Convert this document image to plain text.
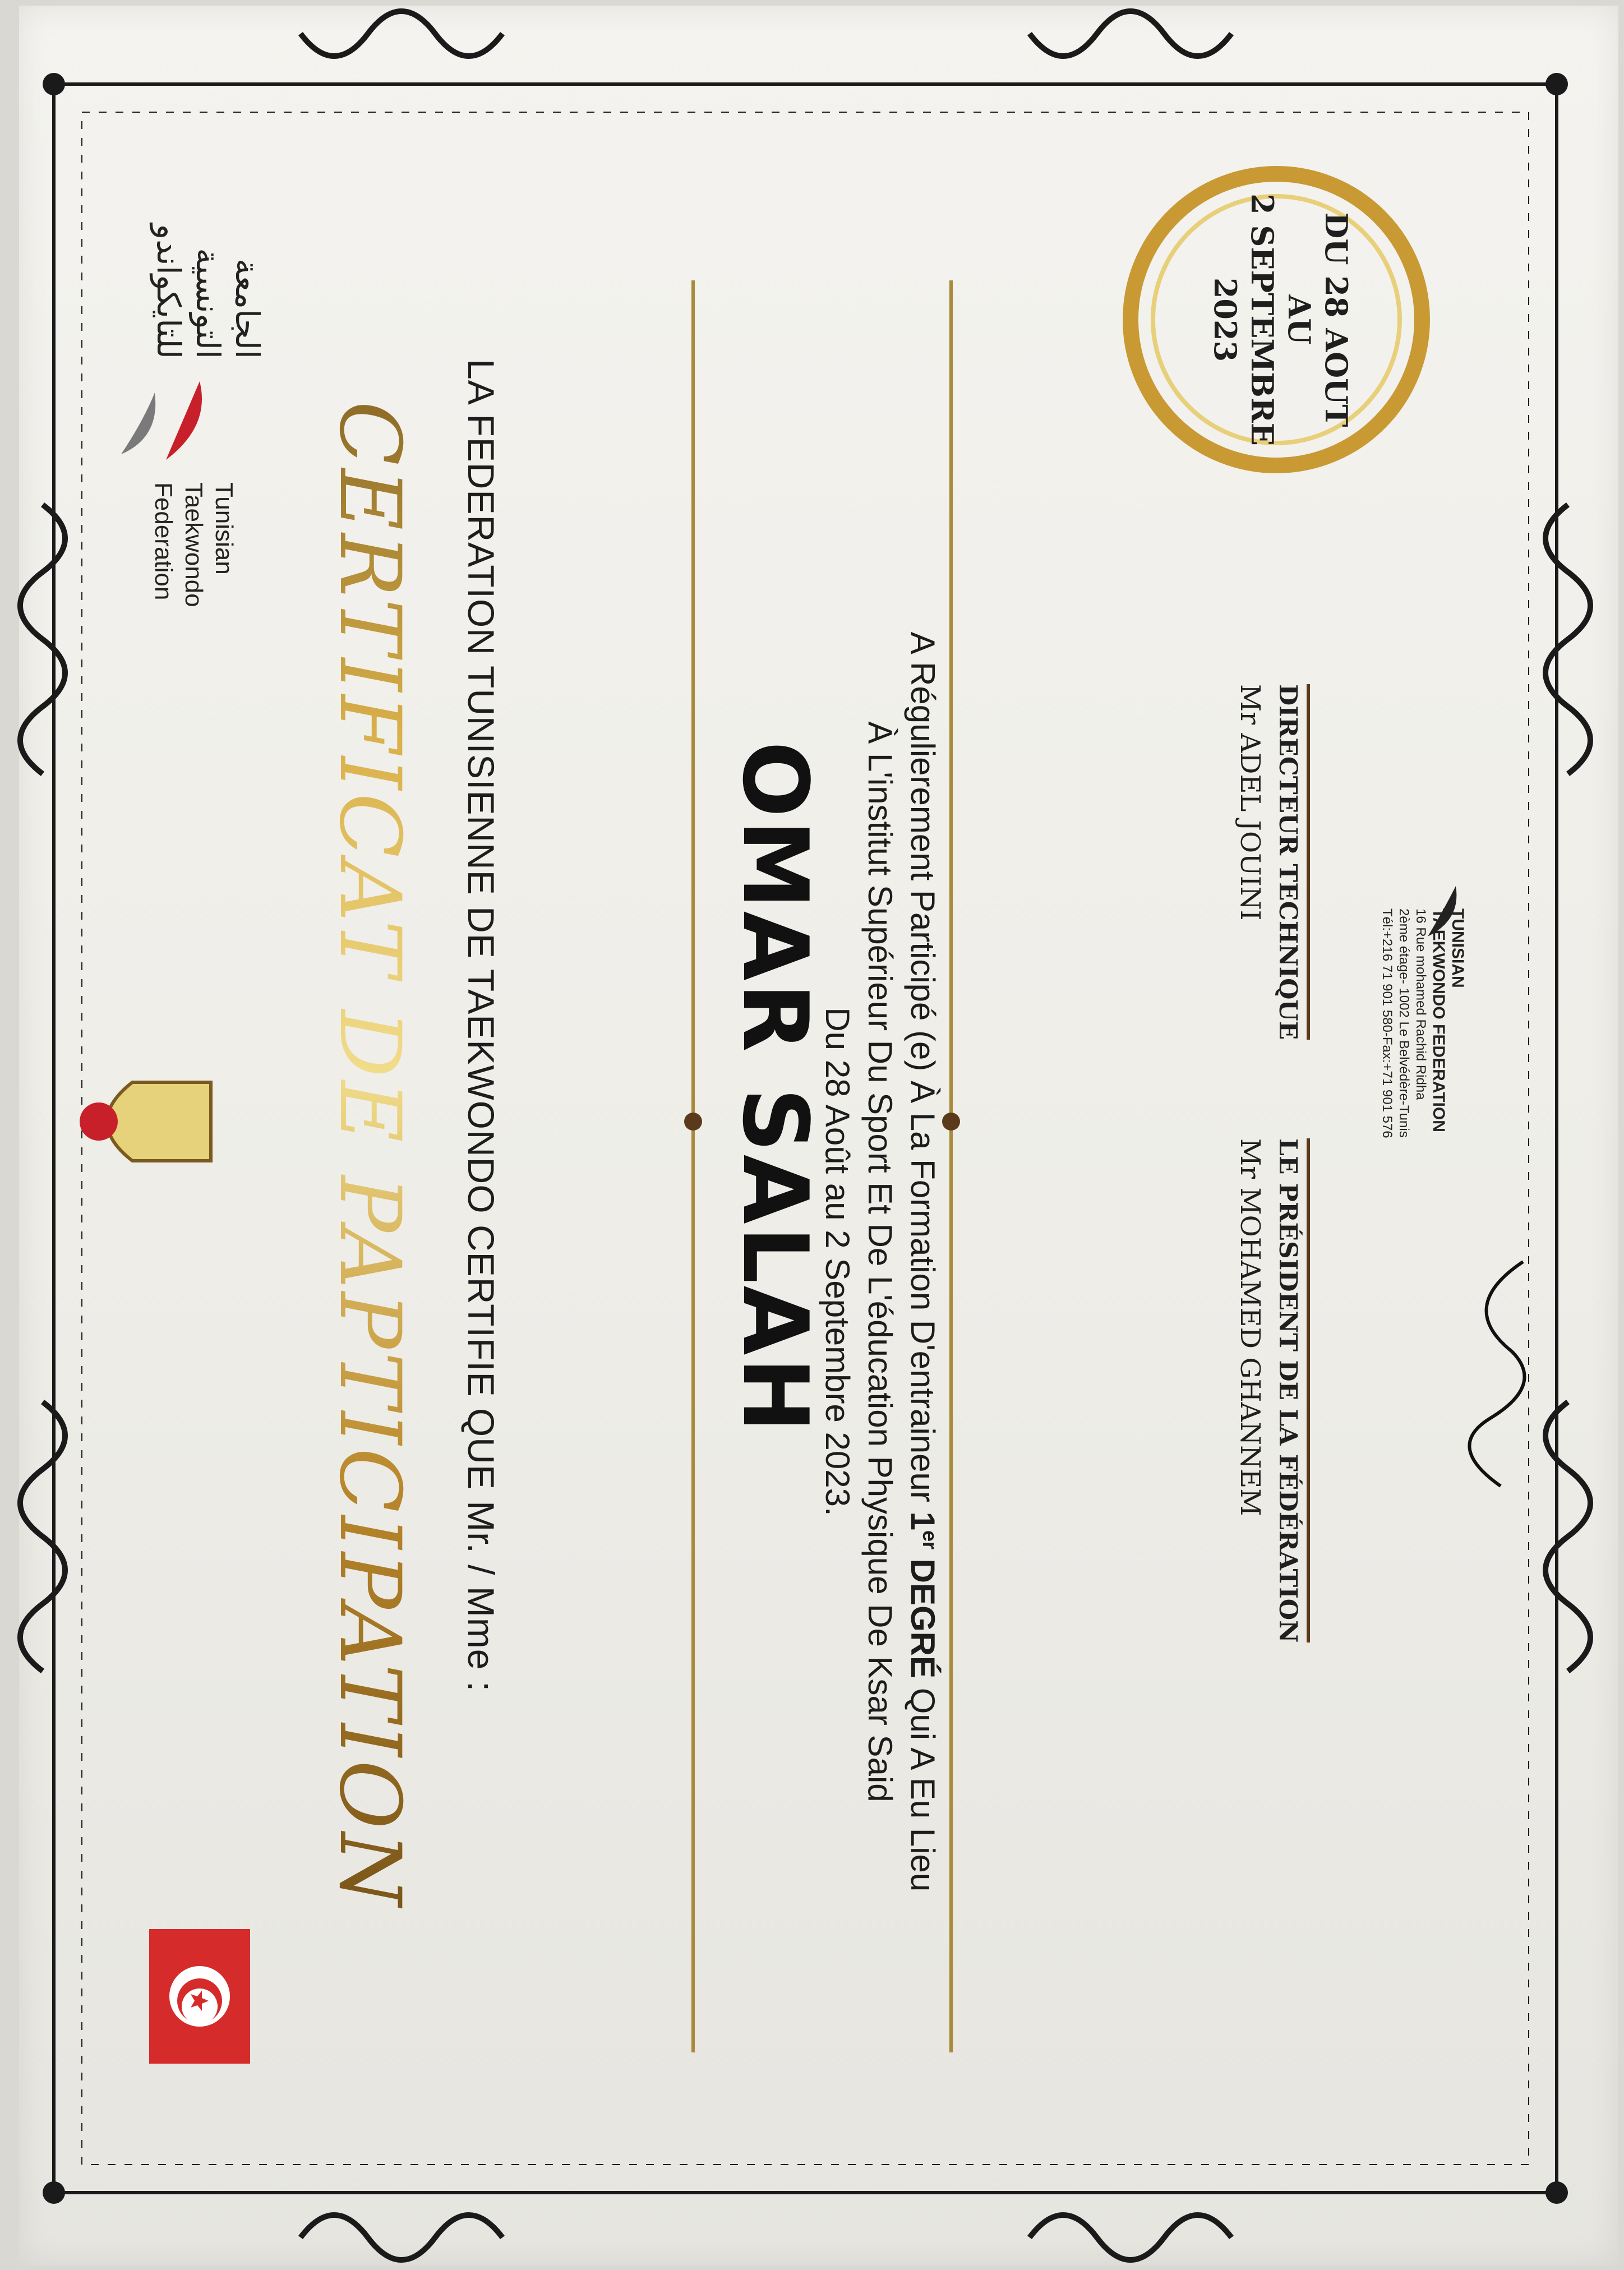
الجامعة
التونسية
للتايكواندو
Tunisian
Taekwondo
Federation CERTIFICAT DE PAPTICIPATION LA FEDERATION TUNISIENNE DE TAEKWONDO CERTIFIE QUE Mr. / Mme : OMAR SALAH A Régulierement Participé (e) À La Formation D'entraineur 1er DEGRÉ Qui A Eu Lieu
À L'institut Supérieur Du Sport Et De L'éducation Physique De Ksar Said
Du 28 Août au 2 Septembre 2023.
DU 28 AOUT
AU
2 SEPTEMBRE
2023
DIRECTEUR TECHNIQUE
Mr ADEL JOUINI
LE PRÉSIDENT DE LA FÉDÉRATION
Mr MOHAMED GHANNEM
TUNISIAN
TAEKWONDO FEDERATION
16 Rue mohamed Rachid Ridha
2ème étage- 1002 Le Belvédère-Tunis
Tél:+216 71 901 580-Fax:+71 901 576
